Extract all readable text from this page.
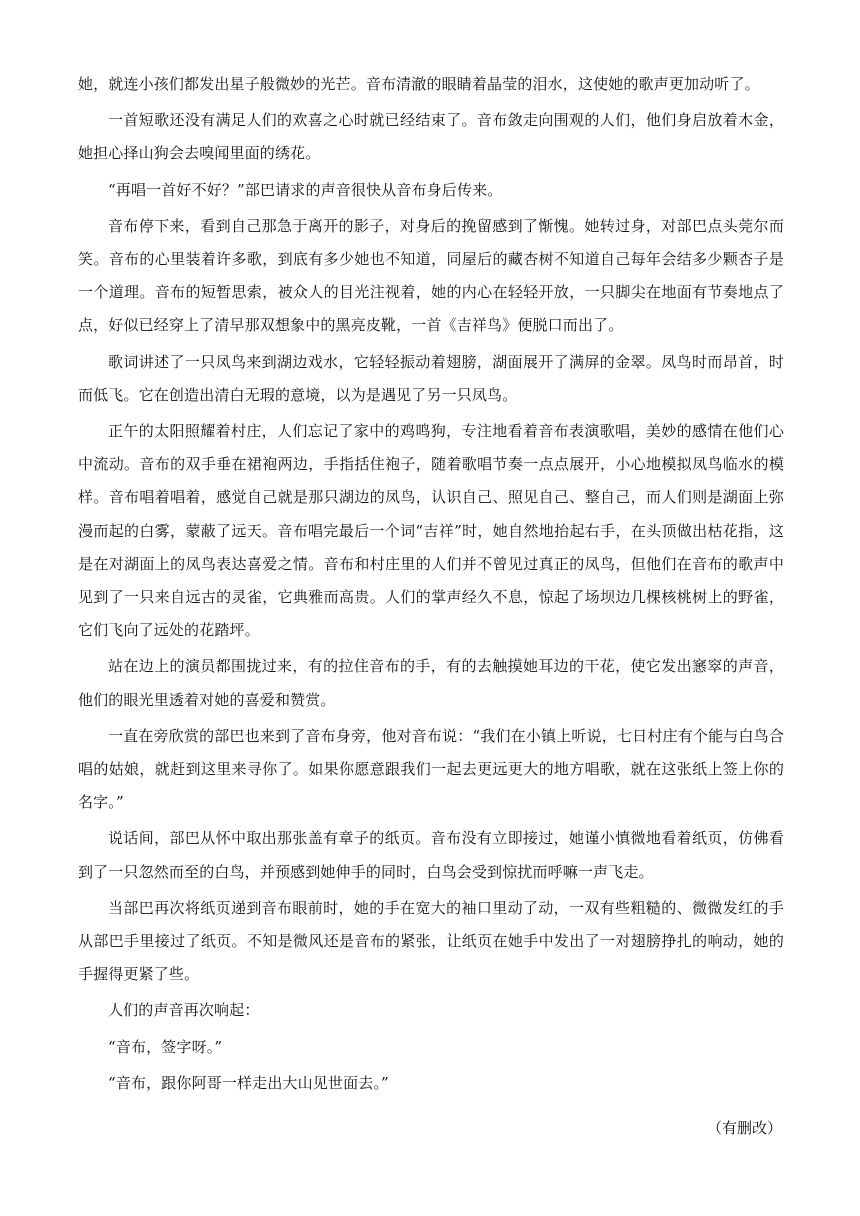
她，就连小孩们都发出星子般微妙的光芒。音布清澈的眼睛着晶莹的泪水，这使她的歌声更加动听了。

一首短歌还没有满足人们的欢喜之心时就已经结束了。音布敛走向围观的人们，他们身启放着木金，她担心择山狗会去嗅闻里面的绣花。

“再唱一首好不好？”部巴请求的声音很快从音布身后传来。

音布停下来，看到自己那急于离开的影子，对身后的挽留感到了惭愧。她转过身，对部巴点头莞尔而笑。音布的心里装着许多歌，到底有多少她也不知道，同屋后的藏杏树不知道自己每年会结多少颗杏子是一个道理。音布的短暂思索，被众人的目光注视着，她的内心在轻轻开放，一只脚尖在地面有节奏地点了点，好似已经穿上了清早那双想象中的黑亮皮靴，一首《吉祥鸟》便脱口而出了。

歌词讲述了一只凤鸟来到湖边戏水，它轻轻振动着翅膀，湖面展开了满屏的金翠。凤鸟时而昂首，时而低飞。它在创造出清白无瑕的意境，以为是遇见了另一只凤鸟。

正午的太阳照耀着村庄，人们忘记了家中的鸡鸣狗，专注地看着音布表演歌唱，美妙的感情在他们心中流动。音布的双手垂在裙袍两边，手指括住袍子，随着歌唱节奏一点点展开，小心地模拟凤鸟临水的模样。音布唱着唱着，感觉自己就是那只湖边的凤鸟，认识自己、照见自己、整自己，而人们则是湖面上弥漫而起的白雾，蒙蔽了远天。音布唱完最后一个词“吉祥”时，她自然地抬起右手，在头顶做出枯花指，这是在对湖面上的凤鸟表达喜爱之情。音布和村庄里的人们并不曾见过真正的凤鸟，但他们在音布的歌声中见到了一只来自远古的灵雀，它典雅而高贵。人们的掌声经久不息，惊起了场坝边几棵核桃树上的野雀，它们飞向了远处的花踏坪。

站在边上的演员都围拢过来，有的拉住音布的手，有的去触摸她耳边的干花，使它发出窸窣的声音，他们的眼光里透着对她的喜爱和赞赏。

一直在旁欣赏的部巴也来到了音布身旁，他对音布说：“我们在小镇上听说，七日村庄有个能与白鸟合唱的姑娘，就赶到这里来寻你了。如果你愿意跟我们一起去更远更大的地方唱歌，就在这张纸上签上你的名字。”

说话间，部巴从怀中取出那张盖有章子的纸页。音布没有立即接过，她谨小慎微地看着纸页，仿佛看到了一只忽然而至的白鸟，并预感到她伸手的同时，白鸟会受到惊扰而呼嘛一声飞走。

当部巴再次将纸页递到音布眼前时，她的手在宽大的袖口里动了动，一双有些粗糙的、微微发红的手从部巴手里接过了纸页。不知是微风还是音布的紧张，让纸页在她手中发出了一对翅膀挣扎的响动，她的手握得更紧了些。

人们的声音再次响起：

“音布，签字呀。”

“音布，跟你阿哥一样走出大山见世面去。”

（有删改）
